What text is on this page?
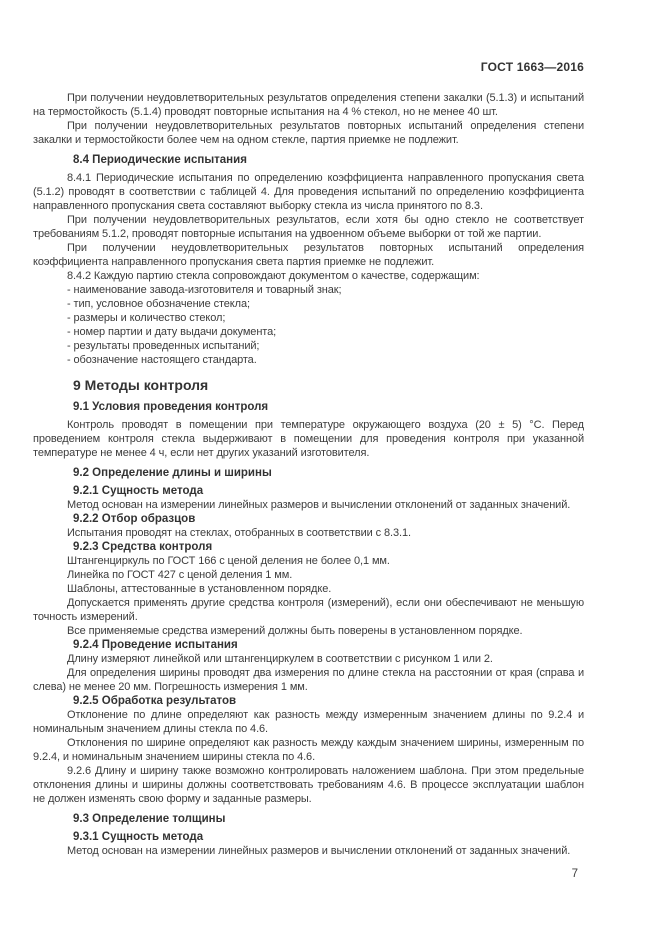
ГОСТ 1663—2016

При получении неудовлетворительных результатов определения степени закалки (5.1.3) и испытаний на термостойкость (5.1.4) проводят повторные испытания на 4 % стекол, но не менее 40 шт.

При получении неудовлетворительных результатов повторных испытаний определения степени закалки и термостойкости более чем на одном стекле, партия приемке не подлежит.

8.4 Периодические испытания

8.4.1 Периодические испытания по определению коэффициента направленного пропускания света (5.1.2) проводят в соответствии с таблицей 4. Для проведения испытаний по определению коэффициента направленного пропускания света составляют выборку стекла из числа принятого по 8.3.

При получении неудовлетворительных результатов, если хотя бы одно стекло не соответствует требованиям 5.1.2, проводят повторные испытания на удвоенном объеме выборки от той же партии.

При получении неудовлетворительных результатов повторных испытаний определения коэффициента направленного пропускания света партия приемке не подлежит.

8.4.2 Каждую партию стекла сопровождают документом о качестве, содержащим:

- наименование завода-изготовителя и товарный знак;

- тип, условное обозначение стекла;

- размеры и количество стекол;

- номер партии и дату выдачи документа;

- результаты проведенных испытаний;

- обозначение настоящего стандарта.

9 Методы контроля

9.1 Условия проведения контроля

Контроль проводят в помещении при температуре окружающего воздуха (20 ± 5) °С. Перед проведением контроля стекла выдерживают в помещении для проведения контроля при указанной температуре не менее 4 ч, если нет других указаний изготовителя.

9.2 Определение длины и ширины

9.2.1 Сущность метода

Метод основан на измерении линейных размеров и вычислении отклонений от заданных значений.

9.2.2 Отбор образцов

Испытания проводят на стеклах, отобранных в соответствии с 8.3.1.

9.2.3 Средства контроля

Штангенциркуль по ГОСТ 166 с ценой деления не более 0,1 мм.

Линейка по ГОСТ 427 с ценой деления 1 мм.

Шаблоны, аттестованные в установленном порядке.

Допускается применять другие средства контроля (измерений), если они обеспечивают не меньшую точность измерений.

Все применяемые средства измерений должны быть поверены в установленном порядке.

9.2.4 Проведение испытания

Длину измеряют линейкой или штангенциркулем в соответствии с рисунком 1 или 2.

Для определения ширины проводят два измерения по длине стекла на расстоянии от края (справа и слева) не менее 20 мм. Погрешность измерения 1 мм.

9.2.5 Обработка результатов

Отклонение по длине определяют как разность между измеренным значением длины по 9.2.4 и номинальным значением длины стекла по 4.6.

Отклонения по ширине определяют как разность между каждым значением ширины, измеренным по 9.2.4, и номинальным значением ширины стекла по 4.6.

9.2.6 Длину и ширину также возможно контролировать наложением шаблона. При этом предельные отклонения длины и ширины должны соответствовать требованиям 4.6. В процессе эксплуатации шаблон не должен изменять свою форму и заданные размеры.

9.3 Определение толщины

9.3.1 Сущность метода

Метод основан на измерении линейных размеров и вычислении отклонений от заданных значений.

7
